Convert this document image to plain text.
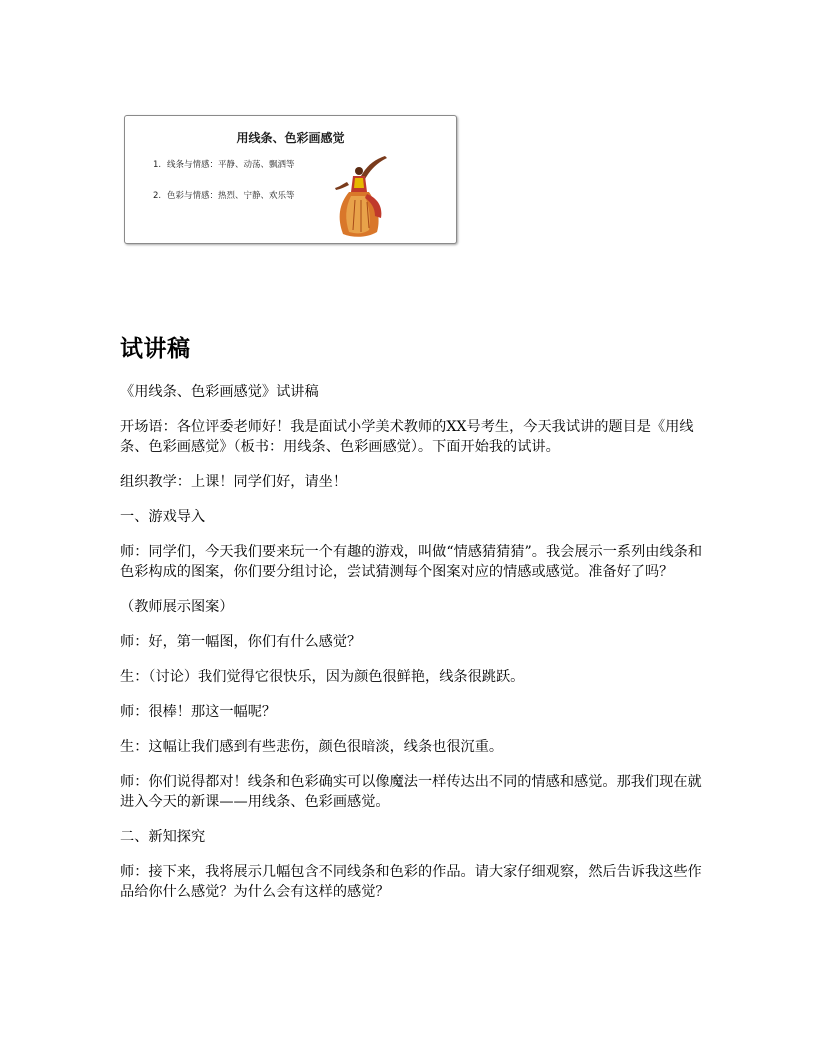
用线条、色彩画感觉
1. 线条与情感：平静、动荡、飘洒等
2. 色彩与情感：热烈、宁静、欢乐等
试讲稿

《用线条、色彩画感觉》试讲稿

开场语：各位评委老师好！我是面试小学美术教师的XX号考生，今天我试讲的题目是《用线条、色彩画感觉》（板书：用线条、色彩画感觉）。下面开始我的试讲。

组织教学：上课！同学们好，请坐！

一、游戏导入

师：同学们，今天我们要来玩一个有趣的游戏，叫做“情感猜猜猜”。我会展示一系列由线条和色彩构成的图案，你们要分组讨论，尝试猜测每个图案对应的情感或感觉。准备好了吗？

（教师展示图案）

师：好，第一幅图，你们有什么感觉？

生：（讨论）我们觉得它很快乐，因为颜色很鲜艳，线条很跳跃。

师：很棒！那这一幅呢？

生：这幅让我们感到有些悲伤，颜色很暗淡，线条也很沉重。

师：你们说得都对！线条和色彩确实可以像魔法一样传达出不同的情感和感觉。那我们现在就进入今天的新课——用线条、色彩画感觉。

二、新知探究

师：接下来，我将展示几幅包含不同线条和色彩的作品。请大家仔细观察，然后告诉我这些作品给你什么感觉？为什么会有这样的感觉？
